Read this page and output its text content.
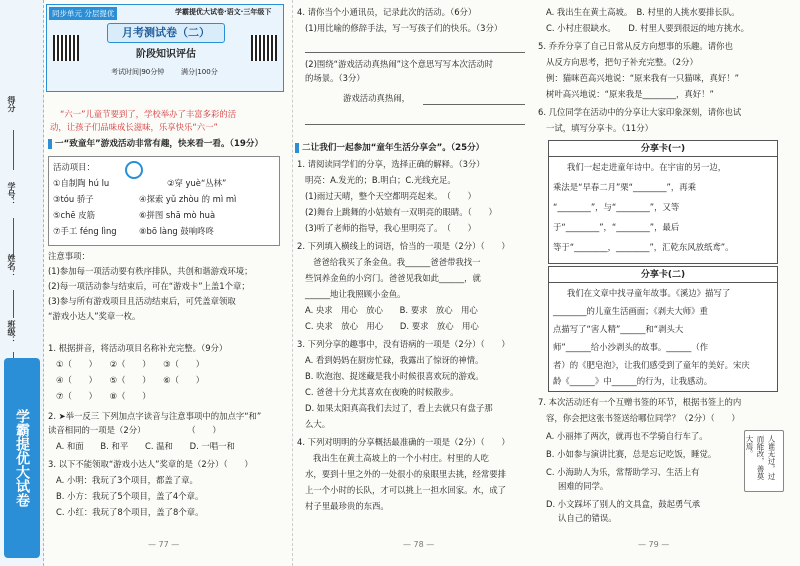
得分
学号：
姓名：
班级：
学霸提优大试卷
同步单元 分层提优	学霸提优大试卷·语文·三年级下
月考测试卷（二）
阶段知识评估
考试时间|90分钟 满分|100分
“六一”儿童节要到了，学校举办了丰富多彩的活
动，让孩子们品味成长滋味，乐享快乐“六一”
一“致童年”游戏活动非常有趣，快来看一看。（19分）
活动项目：
①自制陶 hú lu	②穿 yuè“丛林”
③tóu 骄子	④探索 yǔ zhòu 的 mì mì
⑤chē 皮筋	⑥拼图 shā mò huà
⑦手工 féng lìng	⑧bō làng 鼓响咚咚
注意事项：
(1)参加每一项活动要有秩序排队，共创和谐游戏环境；
(2)每一项活动参与结束后，可在“游戏卡”上盖1个章；
(3)参与所有游戏项目且活动结束后，可凭盖章领取
“游戏小达人”奖章一枚。
1. 根据拼音，将活动项目名称补充完整。（9分）
①（　　）　　②（　　）　　③（　　）
④（　　）　　⑤（　　）　　⑥（　　）
⑦（　　）　　⑧（　　）
2. ➤举一反三 下列加点字读音与注意事项中的加点字“和”
读音相同的一项是（2分）　　　　　　（　　）
A. 和面　　B. 和平　　C. 温和　　D. 一唱一和
3. 以下不能领取“游戏小达人”奖章的是（2分）（　　）
A. 小明：我玩了3个项目，都盖了章。
B. 小方：我玩了5个项目，盖了4个章。
C. 小红：我玩了8个项目，盖了8个章。
— 77 —
4. 请你当个小通讯员，记录此次的活动。（6分）
(1)用比喻的修辞手法，写一写孩子们的快乐。（3分）
(2)围绕“游戏活动真热闹”这个意思写写本次活动时
的场景。（3分）
游戏活动真热闹，
二让我们一起参加“童年生活分享会”。（25分）
1. 请阅读同学们的分享，选择正确的解释。（3分）
明亮：A.发光的；B.明白；C.光线充足。
(1)雨过天晴，整个天空都明亮起来。　（　　）
(2)舞台上跳舞的小姑娘有一双明亮的眼睛。（　　）
(3)听了老师的指导，我心里明亮了。　（　　）
2. 下列填入横线上的词语，恰当的一项是（2分）（　　）
爸爸给我买了条金鱼。我______爸爸带我找一
些饲养金鱼的小窍门。爸爸见我如此______，就
______地让我照顾小金鱼。
A. 央求　用心　放心　　B. 要求　放心　用心
C. 央求　放心　用心　　D. 要求　放心　用心
3. 下列分享的趣事中，没有语病的一项是（2分）（　　）
A. 看到妈妈在厨房忙碌，我露出了惊讶的神情。
B. 吹泡泡、捉迷藏是我小时候很喜欢玩的游戏。
C. 爸爸十分尤其喜欢在夜晚的时候散步。
D. 如果太阳真高我们去过了，看上去就只有盘子那
么大。
4. 下列对明明的分享概括最准确的一项是（2分）（　　）
我出生在黄土高坡上的一个小村庄。村里的人吃
水，要到十里之外的一处很小的泉眼里去挑，经常要排
上一个小时的长队，才可以挑上一担水回家。水，成了
村子里最珍贵的东西。
— 78 —
A. 我出生在黄土高坡。　B. 村里的人挑水要排长队。
C. 小村庄很缺水。　　D. 村里人要到很远的地方挑水。
5. 乔乔分享了自己日常从反方向想事的乐趣。请你也
从反方向思考，把句子补充完整。（2分）
例：猫咪芭高兴地说：“原来我有一只猫咪，真好！”
树叶高兴地说：“原来我是________，真好！”
6. 几位同学在活动中的分享让大家印象深刻，请你也试
一试，填写分享卡。（11分）
分享卡(一)
我们一起走进童年诗中。在宇宙的另一边，
乘法是“早春二月”栗“________”，再乘
“________”，与“________”，又等
于“________”，“________”，最后
等于“________，________”，汇乾东风放纸鸢”。
分享卡(二)
我们在文章中找寻童年故事。《溪边》描写了
________的儿童生活画面；《剥夫大师》重
点描写了“害人精”______和“剥头大
师”______给小沙剥头的故事。______（作
者）的《肥皂泡》，让我们感受到了童年的美好。宋庆
龄《______》中______的行为，让我感动。
7. 本次活动还有一个互赠书签的环节，根据书签上的内
容，你会把这张书签送给哪位同学？（2分）（　　）
A. 小丽摔了两次，就再也不学骑自行车了。
B. 小如参与演讲比赛，总是忘记吃饭，睡觉。
C. 小海助人为乐，常帮助学习、生活上有
困难的同学。
D. 小文踩坏了别人的文具盒，鼓起勇气承
认自己的错误。
人谁无过，过而能改，善莫大焉。
— 79 —
